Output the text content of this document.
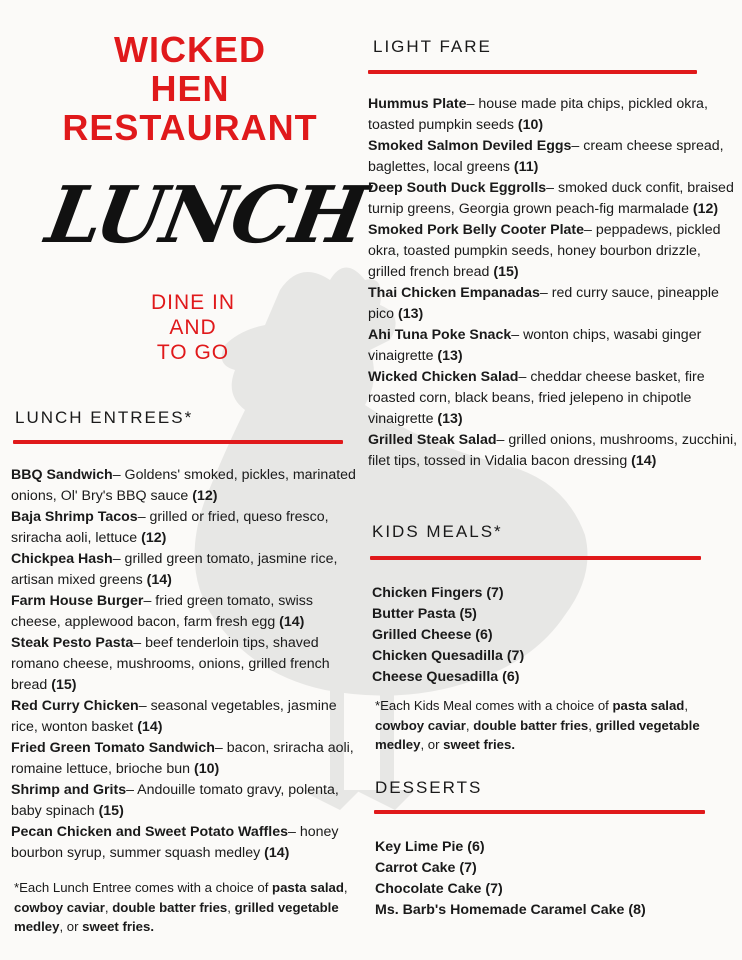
WICKED
HEN
RESTAURANT
LUNCH
DINE IN
AND
TO GO
LIGHT FARE

Hummus Plate– house made pita chips, pickled okra, toasted pumpkin seeds (10)

Smoked Salmon Deviled Eggs– cream cheese spread, baglettes, local greens (11)

Deep South Duck Eggrolls– smoked duck confit, braised turnip greens, Georgia grown peach-fig marmalade (12)

Smoked Pork Belly Cooter Plate– peppadews, pickled okra, toasted pumpkin seeds, honey bourbon drizzle, grilled french bread (15)

Thai Chicken Empanadas– red curry sauce, pineapple pico (13)

Ahi Tuna Poke Snack– wonton chips, wasabi ginger vinaigrette (13)

Wicked Chicken Salad– cheddar cheese basket, fire roasted corn, black beans, fried jelepeno in chipotle vinaigrette (13)

Grilled Steak Salad– grilled onions, mushrooms, zucchini, filet tips, tossed in Vidalia bacon dressing (14)

LUNCH ENTREES*

BBQ Sandwich– Goldens' smoked, pickles, marinated onions, Ol' Bry's BBQ sauce (12)

Baja Shrimp Tacos– grilled or fried, queso fresco, sriracha aoli, lettuce (12)

Chickpea Hash– grilled green tomato, jasmine rice, artisan mixed greens (14)

Farm House Burger– fried green tomato, swiss cheese, applewood bacon, farm fresh egg (14)

Steak Pesto Pasta– beef tenderloin tips, shaved romano cheese, mushrooms, onions, grilled french bread (15)

Red Curry Chicken– seasonal vegetables, jasmine rice, wonton basket (14)

Fried Green Tomato Sandwich– bacon, sriracha aoli, romaine lettuce, brioche bun (10)

Shrimp and Grits– Andouille tomato gravy, polenta, baby spinach (15)

Pecan Chicken and Sweet Potato Waffles– honey bourbon syrup, summer squash medley (14)

*Each Lunch Entree comes with a choice of pasta salad, cowboy caviar, double batter fries, grilled vegetable medley, or sweet fries.
KIDS MEALS*

Chicken Fingers (7)

Butter Pasta (5)

Grilled Cheese (6)

Chicken Quesadilla (7)

Cheese Quesadilla (6)

*Each Kids Meal comes with a choice of pasta salad, cowboy caviar, double batter fries, grilled vegetable medley, or sweet fries.
DESSERTS

Key Lime Pie (6)

Carrot Cake (7)

Chocolate Cake (7)

Ms. Barb's Homemade Caramel Cake (8)
